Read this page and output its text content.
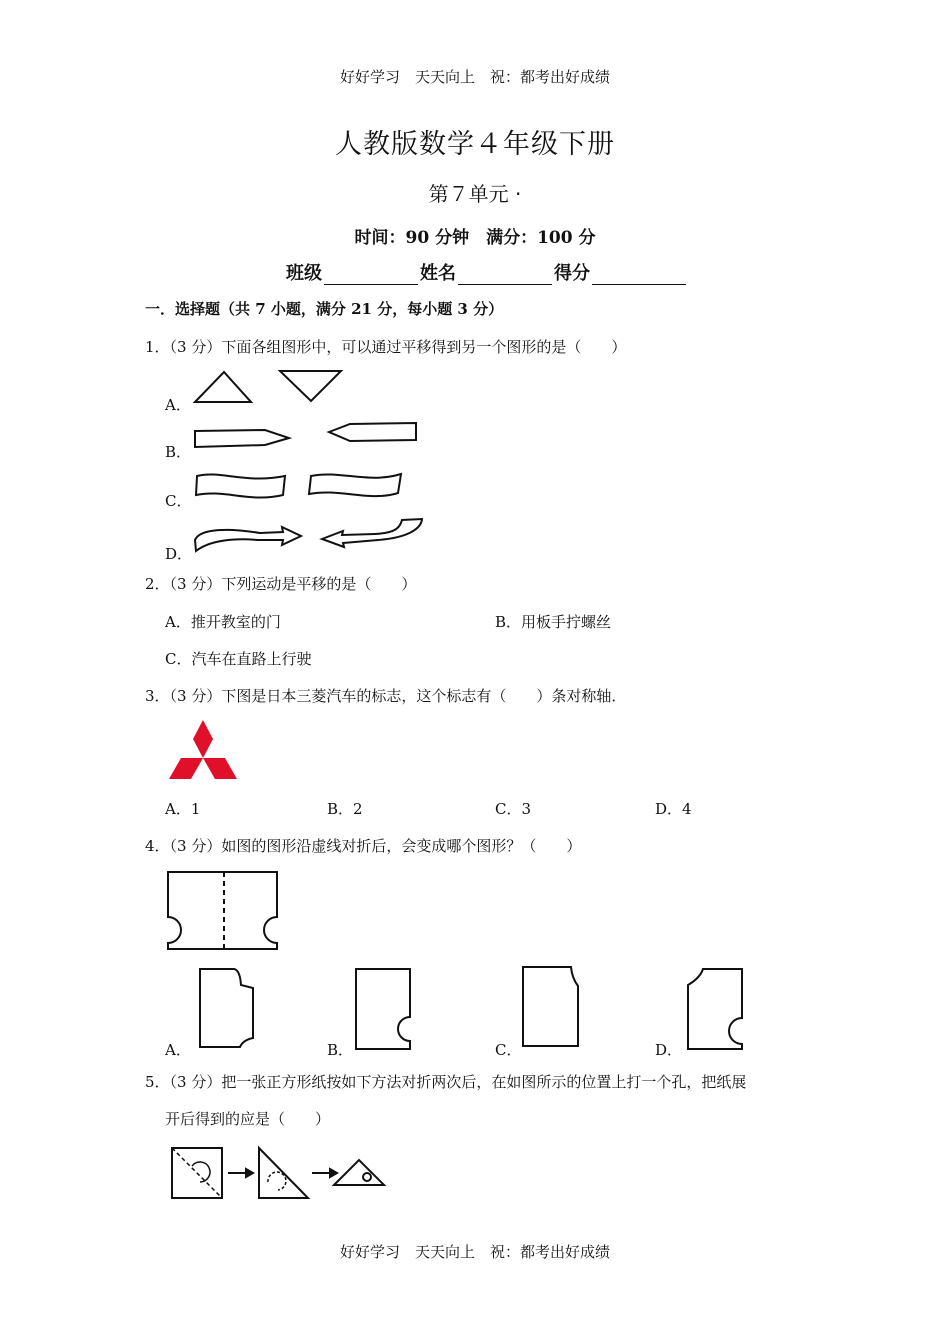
好好学习　天天向上　祝：都考出好成绩
人教版数学４年级下册
第７单元 ·
时间：90 分钟　满分：100 分
班级	姓名	得分
一．选择题（共 7 小题，满分 21 分，每小题 3 分）
1．（3 分）下面各组图形中，可以通过平移得到另一个图形的是（　　）
A．
B．
C．
D．
2．（3 分）下列运动是平移的是（　　）
A．推开教室的门	B．用板手拧螺丝
C．汽车在直路上行驶
3．（3 分）下图是日本三菱汽车的标志，这个标志有（　　）条对称轴．
A．1	B．2	C．3	D．4
4．（3 分）如图的图形沿虚线对折后，会变成哪个图形？（　　）
A．	B．	C．	D．
5．（3 分）把一张正方形纸按如下方法对折两次后，在如图所示的位置上打一个孔，把纸展
开后得到的应是（　　）
好好学习　天天向上　祝：都考出好成绩
